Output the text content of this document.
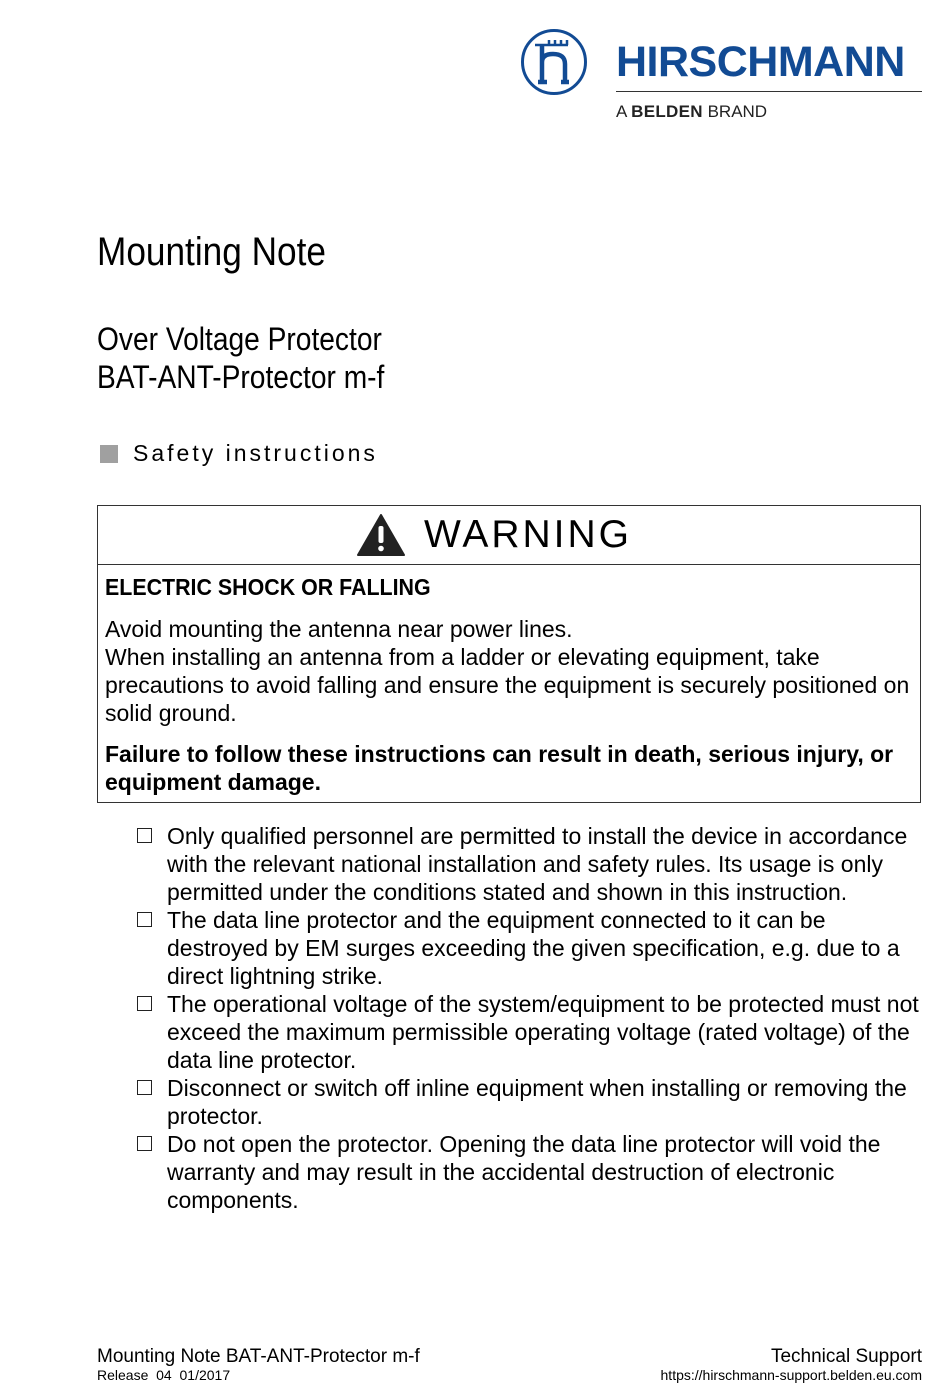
HIRSCHMANN
A BELDEN BRAND
Mounting Note
Over Voltage Protector
BAT-ANT-Protector m-f
Safety instructions
WARNING

ELECTRIC SHOCK OR FALLING

Avoid mounting the antenna near power lines.

When installing an antenna from a ladder or elevating equipment, take precautions to avoid falling and ensure the equipment is securely positioned on solid ground.

Failure to follow these instructions can result in death, serious injury, or equipment damage.

Only qualified personnel are permitted to install the device in accordance with the relevant national installation and safety rules. Its usage is only permitted under the conditions stated and shown in this instruction.
The data line protector and the equipment connected to it can be destroyed by EM surges exceeding the given specification, e.g. due to a direct lightning strike.
The operational voltage of the system/equipment to be protected must not exceed the maximum permissible operating voltage (rated voltage) of the data line protector.
Disconnect or switch off inline equipment when installing or removing the protector.
Do not open the protector. Opening the data line protector will void the warranty and may result in the accidental destruction of electronic components.
Mounting Note BAT-ANT-Protector m-f
Release  04  01/2017
Technical Support
https://hirschmann-support.belden.eu.com
